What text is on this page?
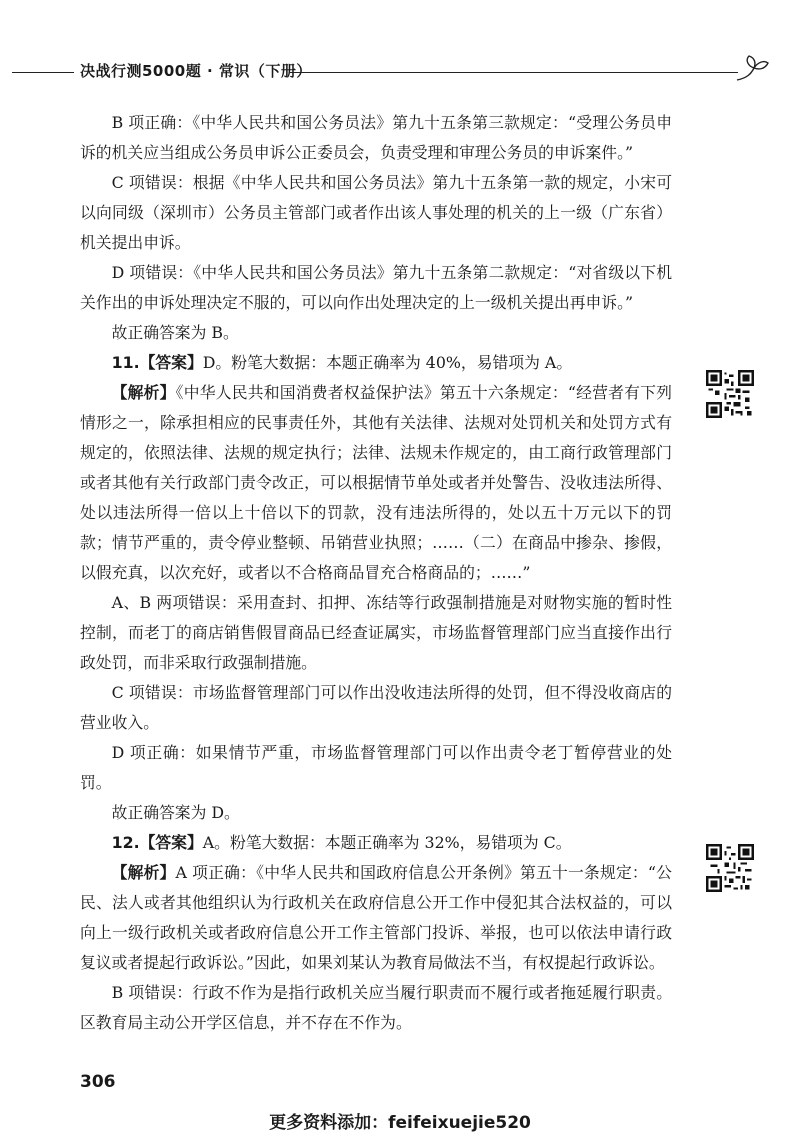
决战行测5000题 · 常识（下册）

B 项正确：《中华人民共和国公务员法》第九十五条第三款规定：“受理公务员申诉的机关应当组成公务员申诉公正委员会，负责受理和审理公务员的申诉案件。”

C 项错误：根据《中华人民共和国公务员法》第九十五条第一款的规定，小宋可以向同级（深圳市）公务员主管部门或者作出该人事处理的机关的上一级（广东省）机关提出申诉。

D 项错误：《中华人民共和国公务员法》第九十五条第二款规定：“对省级以下机关作出的申诉处理决定不服的，可以向作出处理决定的上一级机关提出再申诉。”

故正确答案为 B。

11.【答案】D。粉笔大数据：本题正确率为 40%，易错项为 A。

【解析】《中华人民共和国消费者权益保护法》第五十六条规定：“经营者有下列情形之一，除承担相应的民事责任外，其他有关法律、法规对处罚机关和处罚方式有规定的，依照法律、法规的规定执行；法律、法规未作规定的，由工商行政管理部门或者其他有关行政部门责令改正，可以根据情节单处或者并处警告、没收违法所得、处以违法所得一倍以上十倍以下的罚款，没有违法所得的，处以五十万元以下的罚款；情节严重的，责令停业整顿、吊销营业执照；……（二）在商品中掺杂、掺假，以假充真，以次充好，或者以不合格商品冒充合格商品的；……”

A、B 两项错误：采用查封、扣押、冻结等行政强制措施是对财物实施的暂时性控制，而老丁的商店销售假冒商品已经查证属实，市场监督管理部门应当直接作出行政处罚，而非采取行政强制措施。

C 项错误：市场监督管理部门可以作出没收违法所得的处罚，但不得没收商店的营业收入。

D 项正确：如果情节严重，市场监督管理部门可以作出责令老丁暂停营业的处罚。

故正确答案为 D。

12.【答案】A。粉笔大数据：本题正确率为 32%，易错项为 C。

【解析】A 项正确：《中华人民共和国政府信息公开条例》第五十一条规定：“公民、法人或者其他组织认为行政机关在政府信息公开工作中侵犯其合法权益的，可以向上一级行政机关或者政府信息公开工作主管部门投诉、举报，也可以依法申请行政复议或者提起行政诉讼。”因此，如果刘某认为教育局做法不当，有权提起行政诉讼。

B 项错误：行政不作为是指行政机关应当履行职责而不履行或者拖延履行职责。区教育局主动公开学区信息，并不存在不作为。

306
更多资料添加：feifeixuejie520
